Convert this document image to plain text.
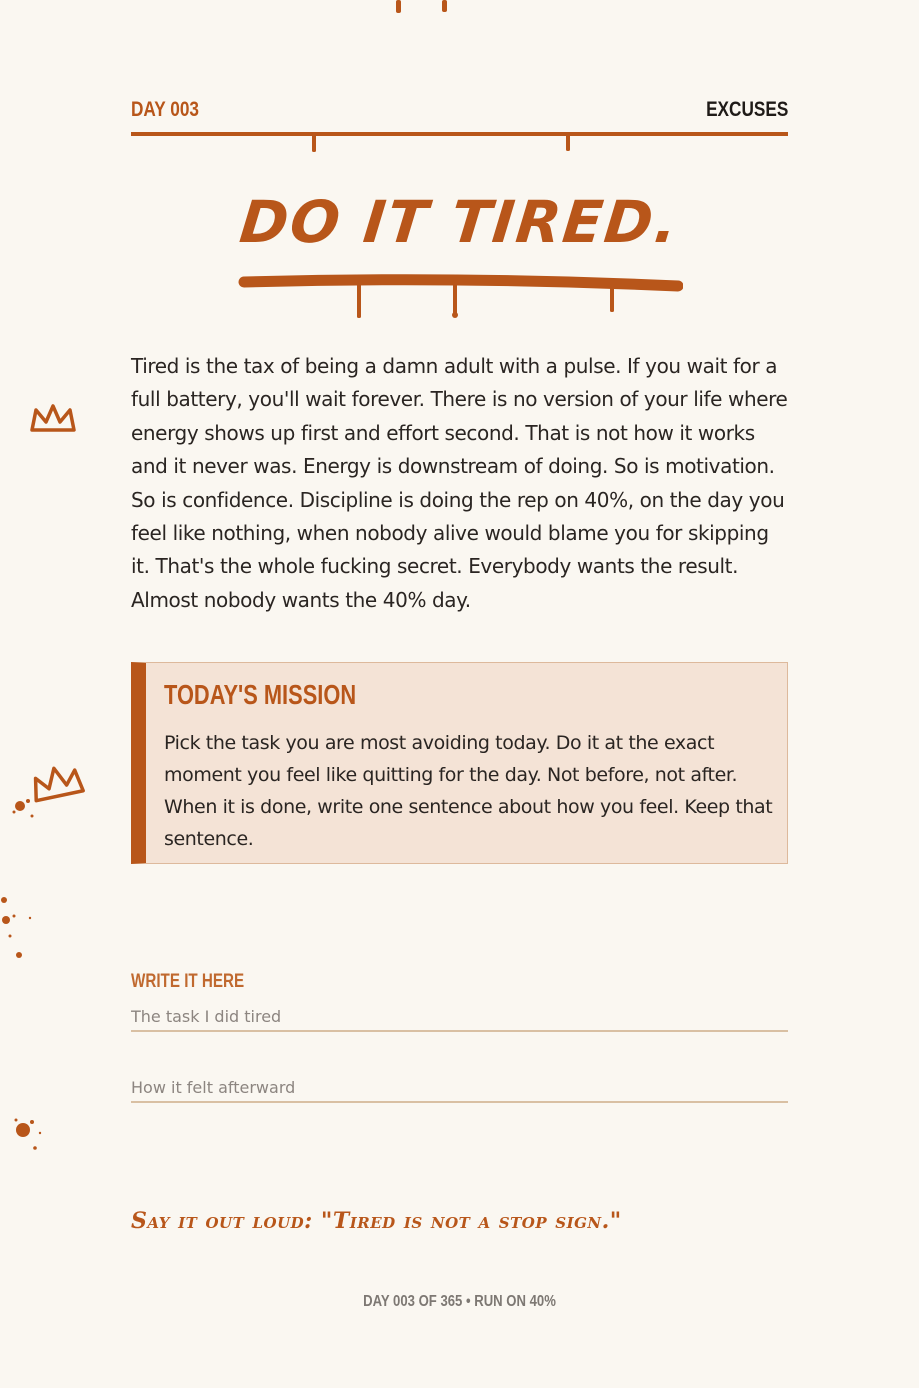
DAY 003	EXCUSES
DO IT TIRED.

Tired is the tax of being a damn adult with a pulse. If you wait for a full battery, you'll wait forever. There is no version of your life where energy shows up first and effort second. That is not how it works and it never was. Energy is downstream of doing. So is motivation. So is confidence. Discipline is doing the rep on 40%, on the day you feel like nothing, when nobody alive would blame you for skipping it. That's the whole fucking secret. Everybody wants the result. Almost nobody wants the 40% day.

TODAY'S MISSION

Pick the task you are most avoiding today. Do it at the exact moment you feel like quitting for the day. Not before, not after. When it is done, write one sentence about how you feel. Keep that sentence.

WRITE IT HERE
The task I did tired
How it felt afterward
Say it out loud: "Tired is not a stop sign."
DAY 003 OF 365 • RUN ON 40%
